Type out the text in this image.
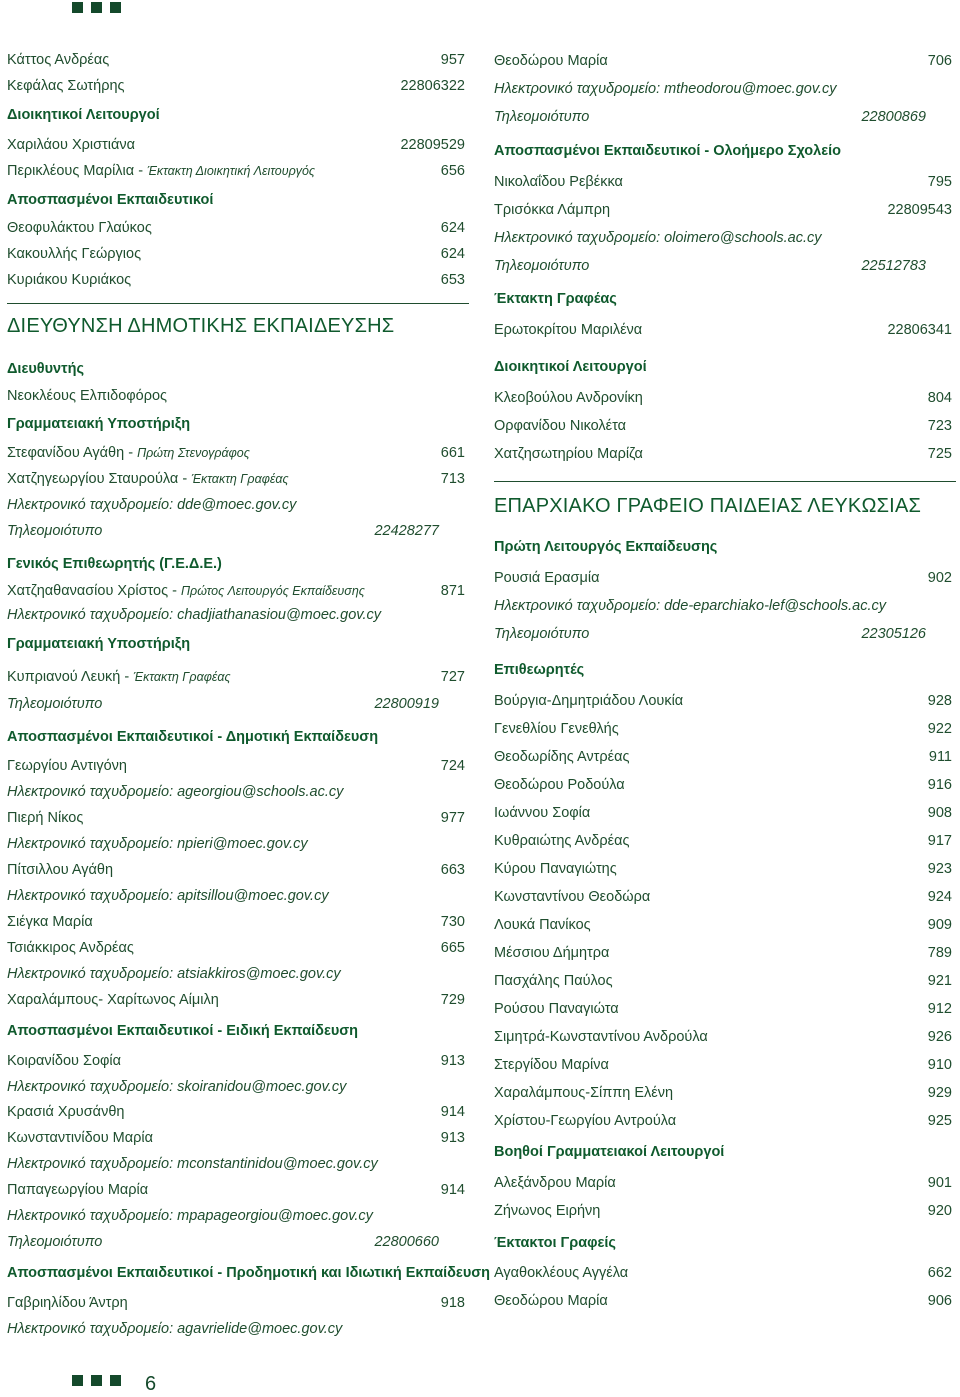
Κάττος Ανδρέας	957
Κεφάλας Σωτήρης	22806322
Διοικητικοί Λειτουργοί
Χαριλάου Χριστιάνα	22809529
Περικλέους Μαρίλια - Έκτακτη Διοικητική Λειτουργός	656
Αποσπασμένοι Εκπαιδευτικοί
Θεοφυλάκτου Γλαύκος	624
Κακουλλής Γεώργιος	624
Κυριάκου Κυριάκος	653
ΔΙΕΥΘΥΝΣΗ ΔΗΜΟΤΙΚΗΣ ΕΚΠΑΙΔΕΥΣΗΣ
Διευθυντής
Νεοκλέους Ελπιδοφόρος
Γραμματειακή Υποστήριξη
Στεφανίδου Αγάθη - Πρώτη Στενογράφος	661
Χατζηγεωργίου Σταυρούλα - Έκτακτη Γραφέας	713
Ηλεκτρονικό ταχυδρομείο: dde@moec.gov.cy
Τηλεομοιότυπο	22428277
Γενικός Επιθεωρητής (Γ.Ε.Δ.Ε.)
Χατζηαθανασίου Χρίστος - Πρώτος Λειτουργός Εκπαίδευσης	871
Ηλεκτρονικό ταχυδρομείο: chadjiathanasiou@moec.gov.cy
Γραμματειακή Υποστήριξη
Κυπριανού Λευκή - Έκτακτη Γραφέας	727
Τηλεομοιότυπο	22800919
Αποσπασμένοι Εκπαιδευτικοί - Δημοτική Εκπαίδευση
Γεωργίου Αντιγόνη	724
Ηλεκτρονικό ταχυδρομείο: ageorgiou@schools.ac.cy
Πιερή Νίκος	977
Ηλεκτρονικό ταχυδρομείο: npieri@moec.gov.cy
Πίτσιλλου Αγάθη	663
Ηλεκτρονικό ταχυδρομείο: apitsillou@moec.gov.cy
Σιέγκα Μαρία	730
Τσιάκκιρος Ανδρέας	665
Ηλεκτρονικό ταχυδρομείο: atsiakkiros@moec.gov.cy
Χαραλάμπους- Χαρίτωνος Αίμιλη	729
Αποσπασμένοι Εκπαιδευτικοί - Ειδική Εκπαίδευση
Κοιρανίδου Σοφία	913
Ηλεκτρονικό ταχυδρομείο: skoiranidou@moec.gov.cy
Κρασιά Χρυσάνθη	914
Κωνσταντινίδου Μαρία	913
Ηλεκτρονικό ταχυδρομείο: mconstantinidou@moec.gov.cy
Παπαγεωργίου Μαρία	914
Ηλεκτρονικό ταχυδρομείο: mpapageorgiou@moec.gov.cy
Τηλεομοιότυπο	22800660
Αποσπασμένοι Εκπαιδευτικοί - Προδημοτική και Ιδιωτική Εκπαίδευση
Γαβριηλίδου Άντρη	918
Ηλεκτρονικό ταχυδρομείο: agavrielide@moec.gov.cy
Θεοδώρου Μαρία	706
Ηλεκτρονικό ταχυδρομείο: mtheodorou@moec.gov.cy
Τηλεομοιότυπο	22800869
Αποσπασμένοι Εκπαιδευτικοί - Ολοήμερο Σχολείο
Νικολαΐδου Ρεβέκκα	795
Τρισόκκα Λάμπρη	22809543
Ηλεκτρονικό ταχυδρομείο: oloimero@schools.ac.cy
Τηλεομοιότυπο	22512783
Έκτακτη Γραφέας
Ερωτοκρίτου Μαριλένα	22806341
Διοικητικοί Λειτουργοί
Κλεοβούλου Ανδρονίκη	804
Ορφανίδου Νικολέτα	723
Χατζησωτηρίου Μαρίζα	725
ΕΠΑΡΧΙΑΚΟ ΓΡΑΦΕΙΟ ΠΑΙΔΕΙΑΣ ΛΕΥΚΩΣΙΑΣ
Πρώτη Λειτουργός Εκπαίδευσης
Ρουσιά Ερασμία	902
Ηλεκτρονικό ταχυδρομείο: dde-eparchiako-lef@schools.ac.cy
Τηλεομοιότυπο	22305126
Επιθεωρητές
Βούργια-Δημητριάδου Λουκία	928
Γενεθλίου Γενεθλής	922
Θεοδωρίδης Αντρέας	911
Θεοδώρου Ροδούλα	916
Ιωάννου Σοφία	908
Κυθραιώτης Ανδρέας	917
Κύρου Παναγιώτης	923
Κωνσταντίνου Θεοδώρα	924
Λουκά Πανίκος	909
Μέσσιου Δήμητρα	789
Πασχάλης Παύλος	921
Ρούσου Παναγιώτα	912
Σιμητρά-Κωνσταντίνου Ανδρούλα	926
Στεργίδου Μαρίνα	910
Χαραλάμπους-Σίππη Ελένη	929
Χρίστου-Γεωργίου Αντρούλα	925
Βοηθοί Γραμματειακοί Λειτουργοί
Αλεξάνδρου Μαρία	901
Ζήνωνος Ειρήνη	920
Έκτακτοι Γραφείς
Αγαθοκλέους Αγγέλα	662
Θεοδώρου Μαρία	906
6
